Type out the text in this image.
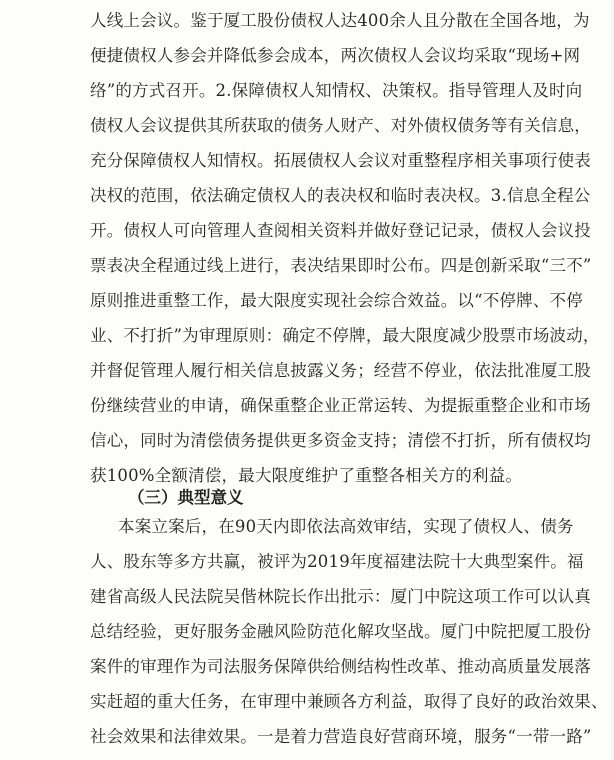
人线上会议。鉴于厦工股份债权人达400余人且分散在全国各地，为
便捷债权人参会并降低参会成本，两次债权人会议均采取“现场+网
络”的方式召开。2.保障债权人知情权、决策权。指导管理人及时向
债权人会议提供其所获取的债务人财产、对外债权债务等有关信息，
充分保障债权人知情权。拓展债权人会议对重整程序相关事项行使表
决权的范围，依法确定债权人的表决权和临时表决权。3.信息全程公
开。债权人可向管理人查阅相关资料并做好登记记录，债权人会议投
票表决全程通过线上进行，表决结果即时公布。四是创新采取“三不”
原则推进重整工作，最大限度实现社会综合效益。以“不停牌、不停
业、不打折”为审理原则：确定不停牌，最大限度减少股票市场波动，
并督促管理人履行相关信息披露义务；经营不停业，依法批准厦工股
份继续营业的申请，确保重整企业正常运转、为提振重整企业和市场
信心，同时为清偿债务提供更多资金支持；清偿不打折，所有债权均
获100%全额清偿，最大限度维护了重整各相关方的利益。
（三）典型意义
本案立案后，在90天内即依法高效审结，实现了债权人、债务
人、股东等多方共赢，被评为2019年度福建法院十大典型案件。福
建省高级人民法院吴偕林院长作出批示：厦门中院这项工作可以认真
总结经验，更好服务金融风险防范化解攻坚战。厦门中院把厦工股份
案件的审理作为司法服务保障供给侧结构性改革、推动高质量发展落
实赶超的重大任务，在审理中兼顾各方利益，取得了良好的政治效果、
社会效果和法律效果。一是着力营造良好营商环境，服务“一带一路”
